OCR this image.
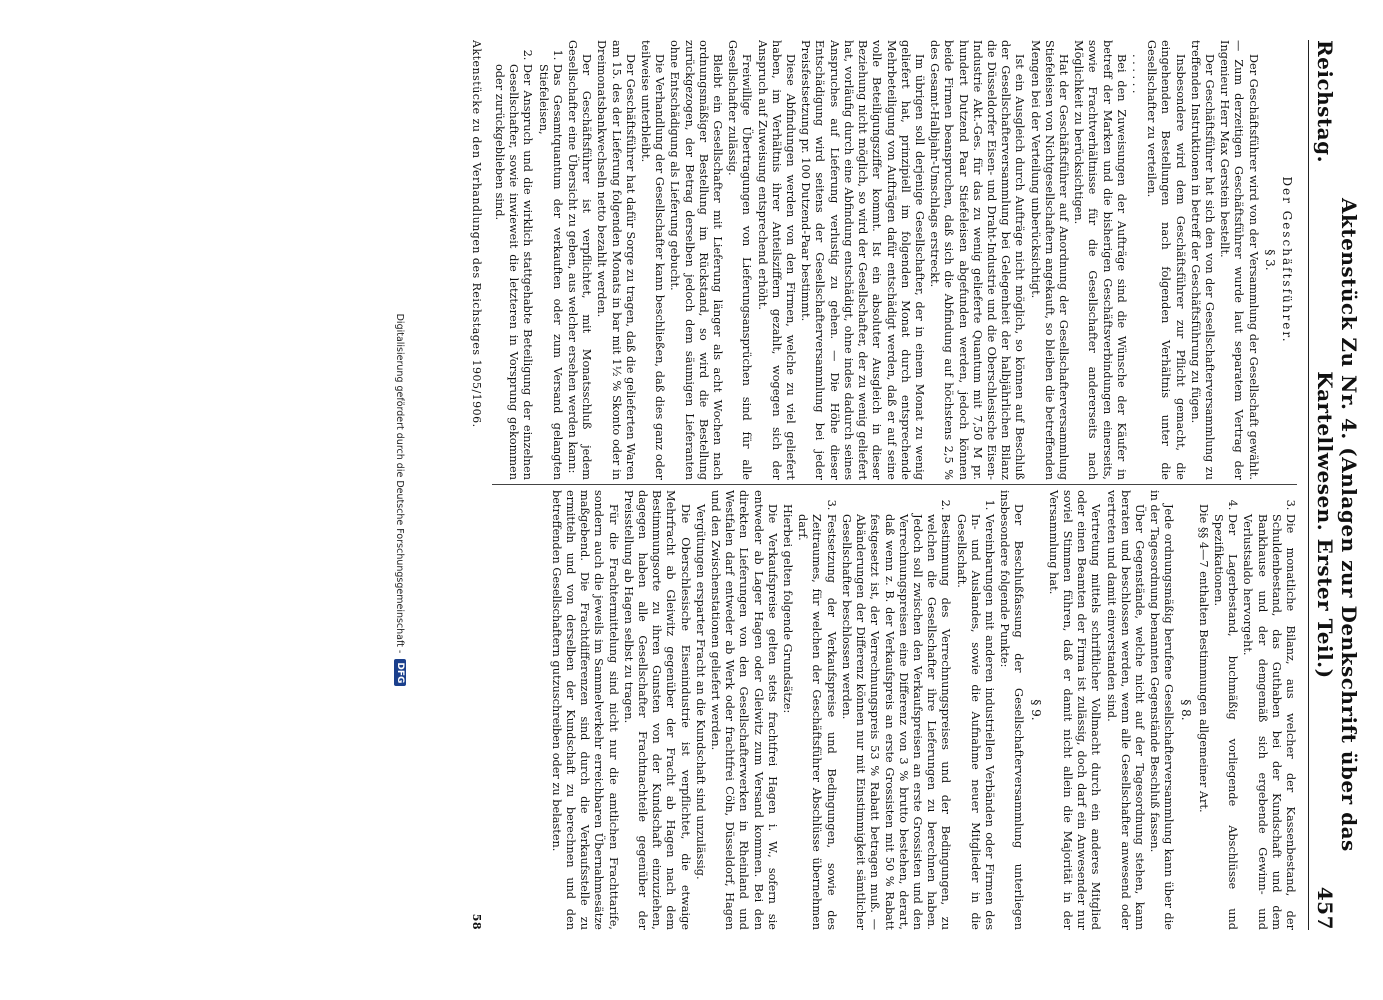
Reichstag.
Aktenstück Zu Nr. 4. (Anlagen zur Denkschrift über das Kartellwesen. Erster Teil.)
457
Der Geschäftsführer.
§ 3.

Der Geschäftsführer wird von der Versammlung der Gesellschaft gewählt. — Zum derzeitigen Geschäftsführer wurde laut separatem Vertrag der Ingenieur Herr Max Gerstein bestellt.

Der Geschäftsführer hat sich den von der Gesellschafterversammlung zu treffenden Instruktionen in betreff der Geschäftsführung zu fügen.

Insbesondere wird dem Geschäftsführer zur Pflicht gemacht, die eingehenden Bestellungen nach folgenden Verhältnis unter die Gesellschafter zu verteilen.

. . . . . .

Bei den Zuweisungen der Aufträge sind die Wünsche der Käufer in betreff der Marken und die bisherigen Geschäftsverbindungen einerseits, sowie Frachtverhältnisse für die Gesellschafter andererseits nach Möglichkeit zu berücksichtigen.

Hat der Geschäftsführer auf Anordnung der Gesellschafterversammlung Stiefeleisen von Nichtgesellschaftern angekauft, so bleiben die betreffenden Mengen bei der Verteilung unberücksichtigt.

Ist ein Ausgleich durch Aufträge nicht möglich, so können auf Beschluß der Gesellschafterversammlung bei Gelegenheit der halbjährlichen Bilanz die Düsseldorfer Eisen- und Draht-Industrie und die Oberschlesische Eisen-Industrie Akt.-Ges. für das zu wenig gelieferte Quantum mit 7,50 M pr. hundert Dutzend Paar Stiefeleisen abgefunden werden, jedoch können beide Firmen beanspruchen, daß sich die Abfindung auf höchstens 2,5 % des Gesamt-Halbjahr-Umschlags erstreckt.

Im übrigen soll derjenige Gesellschafter, der in einem Monat zu wenig geliefert hat, prinzipiell im folgenden Monat durch entsprechende Mehrbeteiligung von Aufträgen dafür entschädigt werden, daß er auf seine volle Beteiligungsziffer kommt. Ist ein absoluter Ausgleich in dieser Beziehung nicht möglich, so wird der Gesellschafter, der zu wenig geliefert hat, vorläufig durch eine Abfindung entschädigt, ohne indes dadurch seines Anspruches auf Lieferung verlustig zu gehen. — Die Höhe dieser Entschädigung wird seitens der Gesellschafterversammlung bei jeder Preisfestsetzung pr. 100 Dutzend-Paar bestimmt.

Diese Abfindungen werden von den Firmen, welche zu viel geliefert haben, im Verhältnis ihrer Anteilsziffern gezahlt, wogegen sich der Anspruch auf Zuweisung entsprechend erhöht.

Freiwillige Übertragungen von Lieferungsansprüchen sind für alle Gesellschafter zulässig.

Bleibt ein Gesellschafter mit Lieferung länger als acht Wochen nach ordnungsmäßiger Bestellung im Rückstand, so wird die Bestellung zurückgezogen, der Betrag derselben jedoch dem säumigen Lieferanten ohne Entschädigung als Lieferung gebucht.

Die Verhandlung der Gesellschafter kann beschließen, daß dies ganz oder teilweise unterbleibt.

Der Geschäftsführer hat dafür Sorge zu tragen, daß die gelieferten Waren am 15. des der Lieferung folgenden Monats in bar mit 1½ % Skonto oder in Dreimonatsbankwechseln netto bezahlt werden.

Der Geschäftsführer ist verpflichtet, mit Monatsschluß jedem Gesellschafter eine Übersicht zu geben, aus welcher ersehen werden kann:

1. Das Gesamtquantum der verkauften oder zum Versand gelangten Stiefeleisen,
2. Der Anspruch und die wirklich stattgehabte Beteiligung der einzelnen Gesellschafter, sowie inwieweit die letzteren in Vorsprung gekommen oder zurückgeblieben sind.
3. Die monatliche Bilanz, aus welcher der Kassenbestand, der Schuldenbestand, das Guthaben bei der Kundschaft und dem Bankhause und der demgemäß sich ergebende Gewinn- und Verlustsaldo hervorgeht.
4. Der Lagerbestand, buchmäßig vorliegende Abschlüsse und Spezifikationen.

Die §§ 4—7 enthalten Bestimmungen allgemeiner Art.

§ 8.

Jede ordnungsmäßig berufene Gesellschafterversammlung kann über die in der Tagesordnung benannten Gegenstände Beschluß fassen.

Über Gegenstände, welche nicht auf der Tagesordnung stehen, kann beraten und beschlossen werden, wenn alle Gesellschafter anwesend oder vertreten und damit einverstanden sind.

Vertretung mittels schriftlicher Vollmacht durch ein anderes Mitglied oder einen Beamten der Firma ist zulässig, doch darf ein Anwesender nur soviel Stimmen führen, daß er damit nicht allein die Majorität in der Versammlung hat.

§ 9.

Der Beschlußfassung der Gesellschafterversammlung unterliegen insbesondere folgende Punkte:

1. Vereinbarungen mit anderen industriellen Verbänden oder Firmen des In- und Auslandes, sowie die Aufnahme neuer Mitglieder in die Gesellschaft.
2. Bestimmung des Verrechnungspreises und der Bedingungen, zu welchen die Gesellschafter ihre Lieferungen zu berechnen haben. Jedoch soll zwischen den Verkaufspreisen an erste Grossisten und den Verrechnungspreisen eine Differenz von 3 % brutto bestehen, derart, daß wenn z. B. der Verkaufspreis an erste Grossisten mit 50 % Rabatt festgesetzt ist, der Verrechnungspreis 53 % Rabatt betragen muß. — Abänderungen der Differenz können nur mit Einstimmigkeit sämtlicher Gesellschafter beschlossen werden.
3. Festsetzung der Verkaufspreise und Bedingungen, sowie des Zeitraumes, für welchen der Geschäftsführer Abschlüsse übernehmen darf.

Hierbei gelten folgende Grundsätze:

Die Verkaufspreise gelten stets frachtfrei Hagen i. W., sofern sie entweder ab Lager Hagen oder Gleiwitz zum Versand kommen. Bei den direkten Lieferungen von den Gesellschafterwerken in Rheinland und Westfalen darf entweder ab Werk oder frachtfrei Cöln, Düsseldorf, Hagen und den Zwischenstationen geliefert werden.

Vergütungen ersparter Fracht an die Kundschaft sind unzulässig.

Die Oberschlesische Eisenindustrie ist verpflichtet, die etwaige Mehrfracht ab Gleiwitz gegenüber der Fracht ab Hagen nach dem Bestimmungsorte zu ihren Gunsten von der Kundschaft einzuziehen, dagegen haben alle Gesellschafter Frachtnachteile gegenüber der Preisstellung ab Hagen selbst zu tragen.

Für die Frachtermittelung sind nicht nur die amtlichen Frachttarife, sondern auch die jeweils im Sammelverkehr erreichbaren Übernahmesätze maßgebend. Die Frachtdifferenzen sind durch die Verkaufsstelle zu ermitteln und von derselben der Kundschaft zu berechnen und den betreffenden Gesellschaftern gutzuschreiben oder zu belasten.

Aktenstücke zu den Verhandlungen des Reichstages 1905/1906.
58
Digitalisierung gefördert durch die Deutsche Forschungsgemeinschaft -
DFG
